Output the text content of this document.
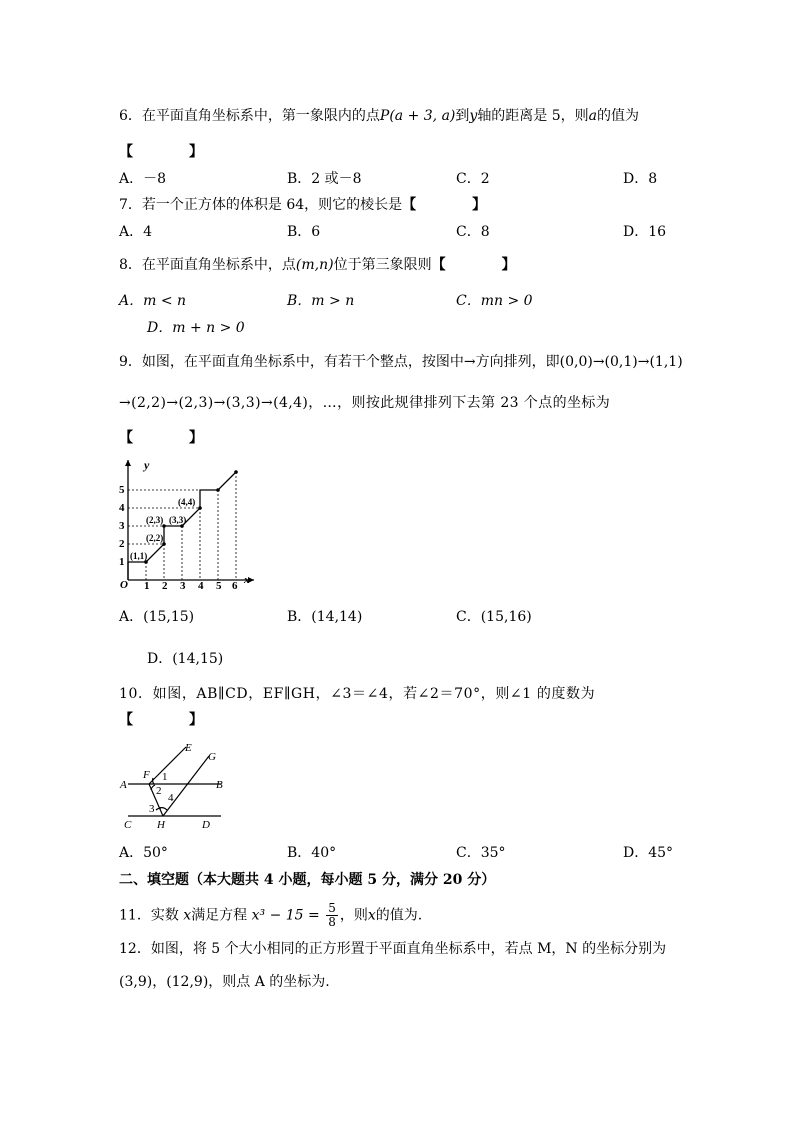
6．在平面直角坐标系中，第一象限内的点P(a + 3, a)到y轴的距离是 5，则a的值为
【　　　　】
A．－8	B．2 或－8	C．2	D．8
7．若一个正方体的体积是 64，则它的棱长是【　　　　】
A．4	B．6	C．8	D．16
8．在平面直角坐标系中，点(m,n)位于第三象限则【　　　　】
A．m < n	B．m > n	C．mn > 0
D．m + n > 0
9．如图，在平面直角坐标系中，有若干个整点，按图中→方向排列，即(0,0)→(0,1)→(1,1)
→(2,2)→(2,3)→(3,3)→(4,4)，…，则按此规律排列下去第 23 个点的坐标为
【　　　　】
y
x
O 1 2 3 4 5 6
1
2
3
4
5
(1,1)
(2,2)
(2,3) (3,3)
(4,4)
A．(15,15)	B．(14,14)	C．(15,16)
D．(14,15)
10．如图，AB∥CD，EF∥GH，∠3＝∠4，若∠2＝70°，则∠1 的度数为
【　　　　】
E
G
F 1
A	B
2
4
3
C H	D
A．50°	B．40°	C．35°	D．45°
二、填空题（本大题共 4 小题，每小题 5 分，满分 20 分）
11．实数 x满足方程 $x^3 - 15 = \frac{5}{8}$ ，则x的值为.
12．如图，将 5 个大小相同的正方形置于平面直角坐标系中，若点 M，N 的坐标分别为
(3,9)，(12,9)，则点 A 的坐标为.
